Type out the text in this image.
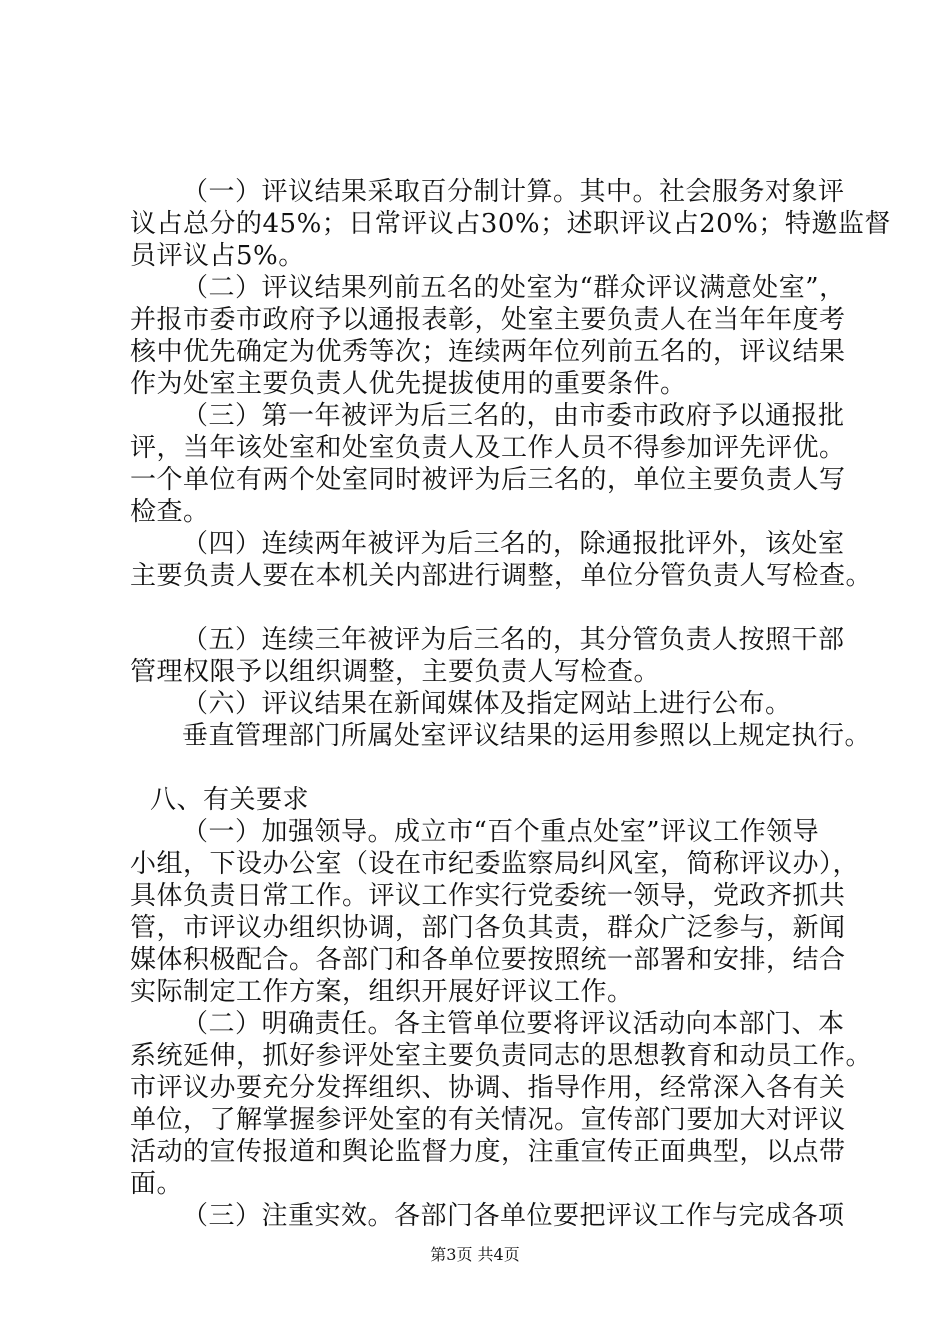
（一）评议结果采取百分制计算。其中。社会服务对象评
议占总分的45%；日常评议占30%；述职评议占20%；特邀监督
员评议占5%。
（二）评议结果列前五名的处室为“群众评议满意处室”，
并报市委市政府予以通报表彰，处室主要负责人在当年年度考
核中优先确定为优秀等次；连续两年位列前五名的，评议结果
作为处室主要负责人优先提拔使用的重要条件。
（三）第一年被评为后三名的，由市委市政府予以通报批
评，当年该处室和处室负责人及工作人员不得参加评先评优。
一个单位有两个处室同时被评为后三名的，单位主要负责人写
检查。
（四）连续两年被评为后三名的，除通报批评外，该处室
主要负责人要在本机关内部进行调整，单位分管负责人写检查。
（五）连续三年被评为后三名的，其分管负责人按照干部
管理权限予以组织调整，主要负责人写检查。
（六）评议结果在新闻媒体及指定网站上进行公布。
垂直管理部门所属处室评议结果的运用参照以上规定执行。
八、有关要求
（一）加强领导。成立市“百个重点处室”评议工作领导
小组，下设办公室（设在市纪委监察局纠风室，简称评议办），
具体负责日常工作。评议工作实行党委统一领导，党政齐抓共
管，市评议办组织协调，部门各负其责，群众广泛参与，新闻
媒体积极配合。各部门和各单位要按照统一部署和安排，结合
实际制定工作方案，组织开展好评议工作。
（二）明确责任。各主管单位要将评议活动向本部门、本
系统延伸，抓好参评处室主要负责同志的思想教育和动员工作。
市评议办要充分发挥组织、协调、指导作用，经常深入各有关
单位，了解掌握参评处室的有关情况。宣传部门要加大对评议
活动的宣传报道和舆论监督力度，注重宣传正面典型，以点带
面。
（三）注重实效。各部门各单位要把评议工作与完成各项
第3页 共4页
